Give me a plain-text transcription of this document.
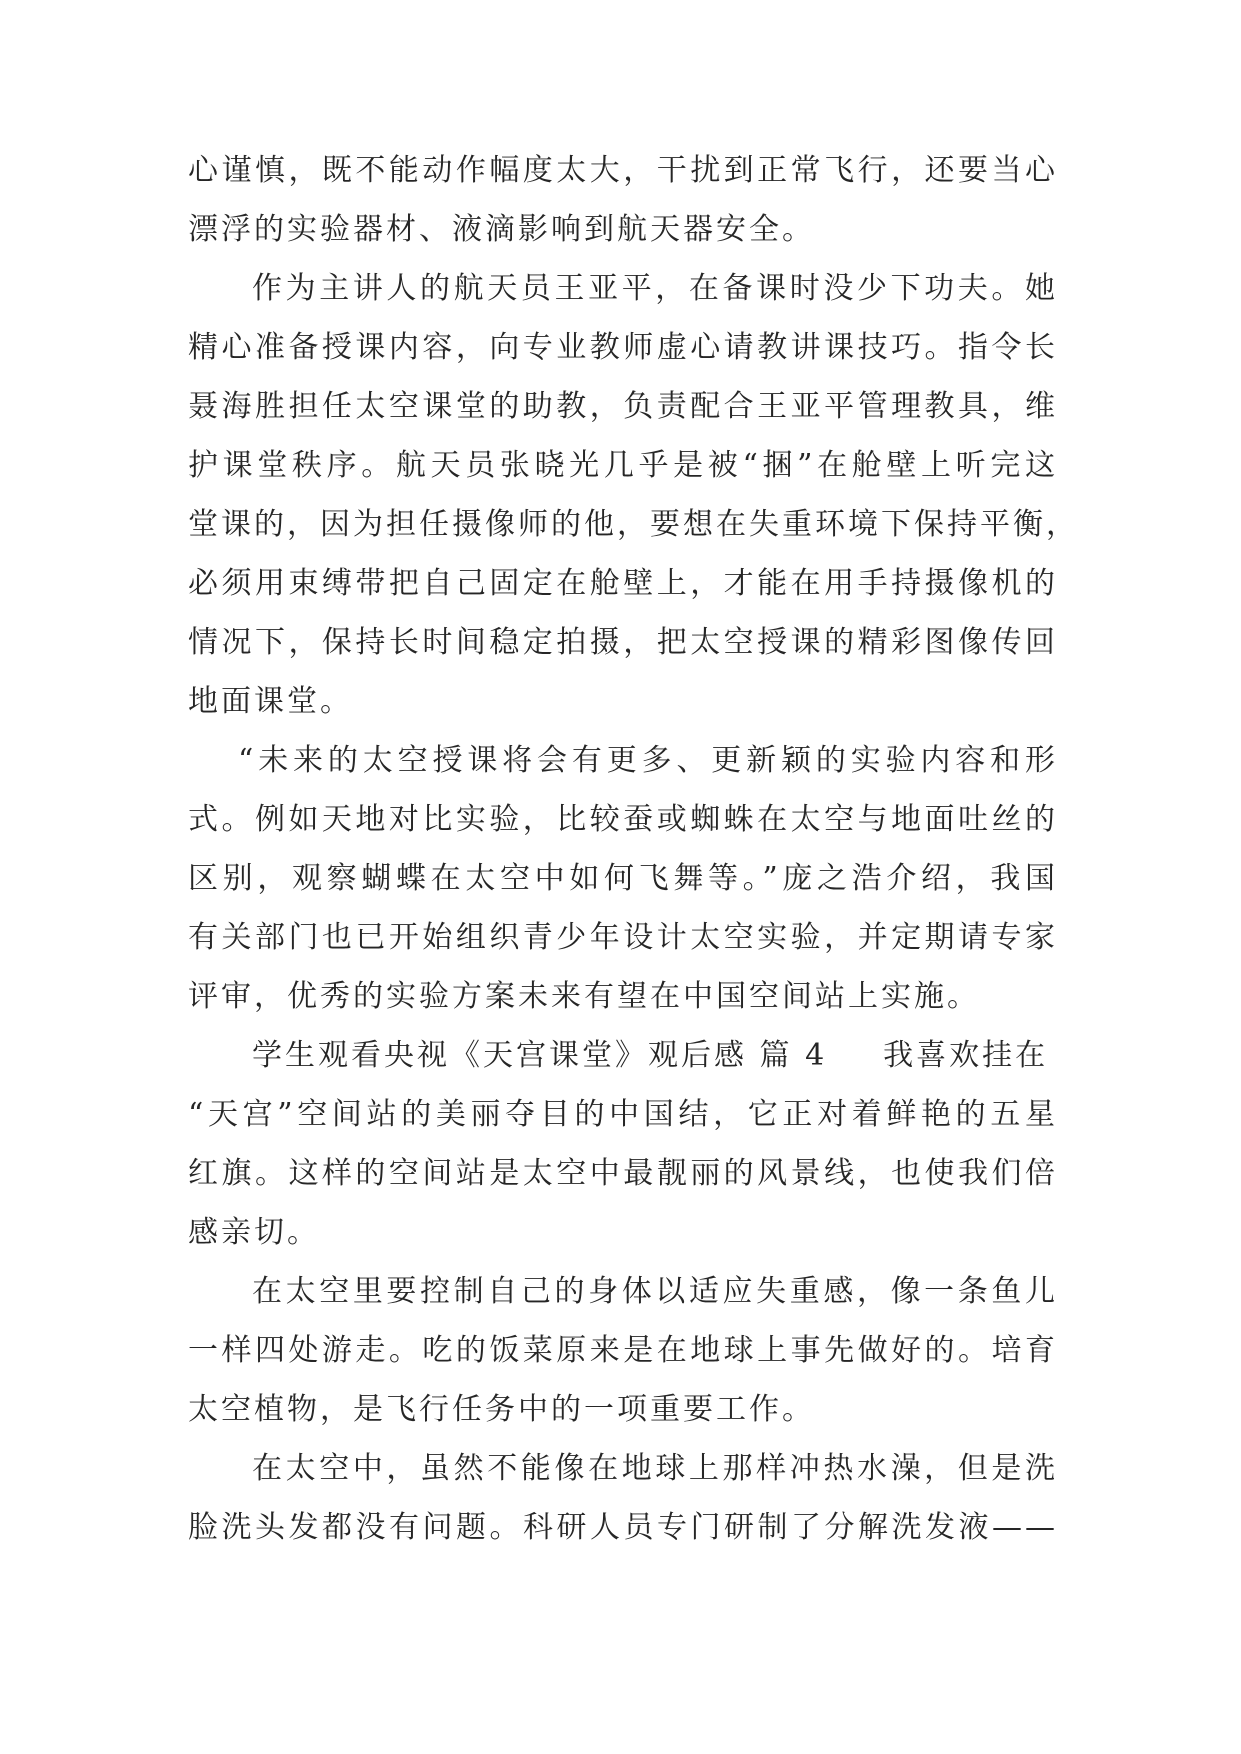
心谨慎，既不能动作幅度太大，干扰到正常飞行，还要当心
漂浮的实验器材、液滴影响到航天器安全。
作为主讲人的航天员王亚平，在备课时没少下功夫。她
精心准备授课内容，向专业教师虚心请教讲课技巧。指令长
聂海胜担任太空课堂的助教，负责配合王亚平管理教具，维
护课堂秩序。航天员张晓光几乎是被“捆”在舱壁上听完这
堂课的，因为担任摄像师的他，要想在失重环境下保持平衡，
必须用束缚带把自己固定在舱壁上，才能在用手持摄像机的
情况下，保持长时间稳定拍摄，把太空授课的精彩图像传回
地面课堂。
“未来的太空授课将会有更多、更新颖的实验内容和形
式。例如天地对比实验，比较蚕或蜘蛛在太空与地面吐丝的
区别，观察蝴蝶在太空中如何飞舞等。”庞之浩介绍，我国
有关部门也已开始组织青少年设计太空实验，并定期请专家
评审，优秀的实验方案未来有望在中国空间站上实施。
学生观看央视《天宫课堂》观后感 篇 4 我喜欢挂在
“天宫”空间站的美丽夺目的中国结，它正对着鲜艳的五星
红旗。这样的空间站是太空中最靓丽的风景线，也使我们倍
感亲切。
在太空里要控制自己的身体以适应失重感，像一条鱼儿
一样四处游走。吃的饭菜原来是在地球上事先做好的。培育
太空植物，是飞行任务中的一项重要工作。
在太空中，虽然不能像在地球上那样冲热水澡，但是洗
脸洗头发都没有问题。科研人员专门研制了分解洗发液——
